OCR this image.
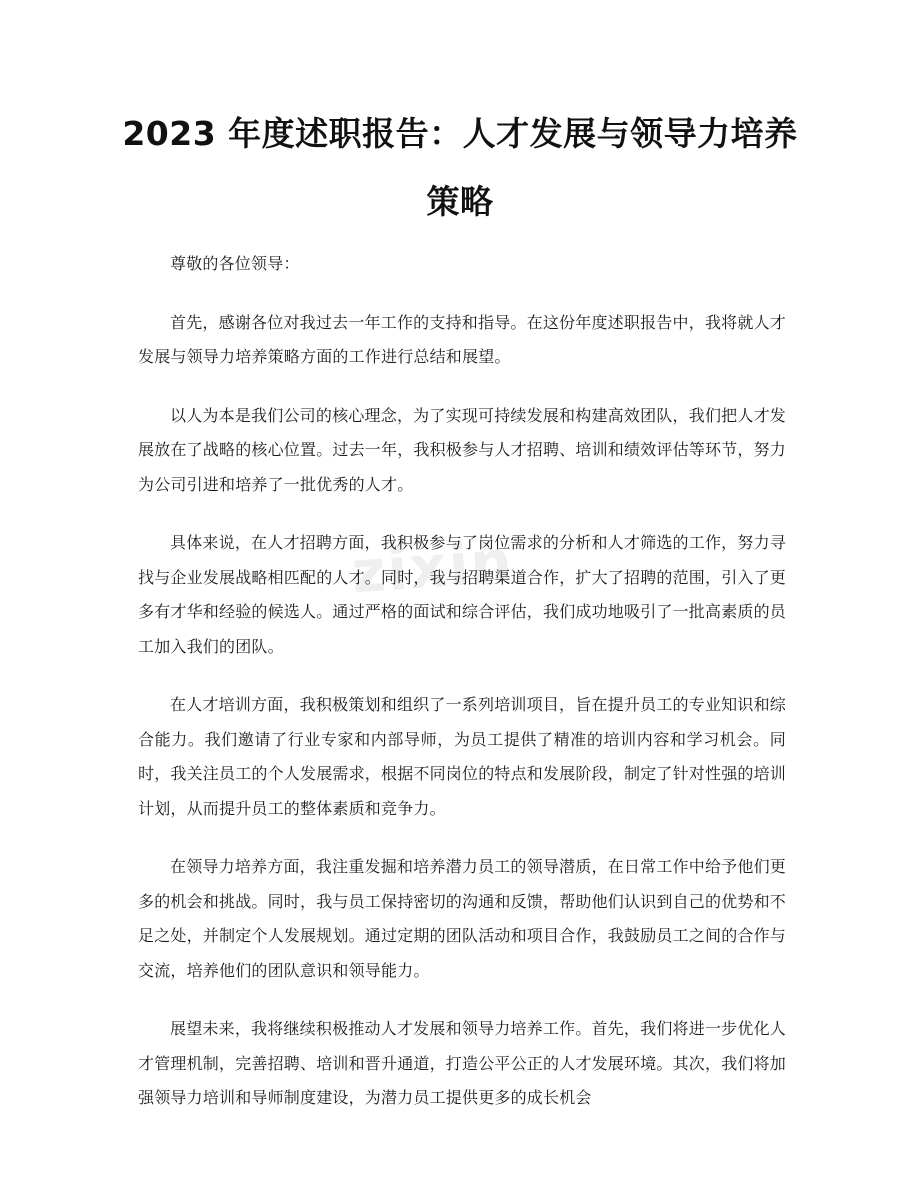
2023 年度述职报告：人才发展与领导力培养
策略
zixin

尊敬的各位领导：

首先，感谢各位对我过去一年工作的支持和指导。在这份年度述职报告中，我将就人才发展与领导力培养策略方面的工作进行总结和展望。

以人为本是我们公司的核心理念，为了实现可持续发展和构建高效团队，我们把人才发展放在了战略的核心位置。过去一年，我积极参与人才招聘、培训和绩效评估等环节，努力为公司引进和培养了一批优秀的人才。

具体来说，在人才招聘方面，我积极参与了岗位需求的分析和人才筛选的工作，努力寻找与企业发展战略相匹配的人才。同时，我与招聘渠道合作，扩大了招聘的范围，引入了更多有才华和经验的候选人。通过严格的面试和综合评估，我们成功地吸引了一批高素质的员工加入我们的团队。

在人才培训方面，我积极策划和组织了一系列培训项目，旨在提升员工的专业知识和综合能力。我们邀请了行业专家和内部导师，为员工提供了精准的培训内容和学习机会。同时，我关注员工的个人发展需求，根据不同岗位的特点和发展阶段，制定了针对性强的培训计划，从而提升员工的整体素质和竞争力。

在领导力培养方面，我注重发掘和培养潜力员工的领导潜质，在日常工作中给予他们更多的机会和挑战。同时，我与员工保持密切的沟通和反馈，帮助他们认识到自己的优势和不足之处，并制定个人发展规划。通过定期的团队活动和项目合作，我鼓励员工之间的合作与交流，培养他们的团队意识和领导能力。

展望未来，我将继续积极推动人才发展和领导力培养工作。首先，我们将进一步优化人才管理机制，完善招聘、培训和晋升通道，打造公平公正的人才发展环境。其次，我们将加强领导力培训和导师制度建设，为潜力员工提供更多的成长机会
